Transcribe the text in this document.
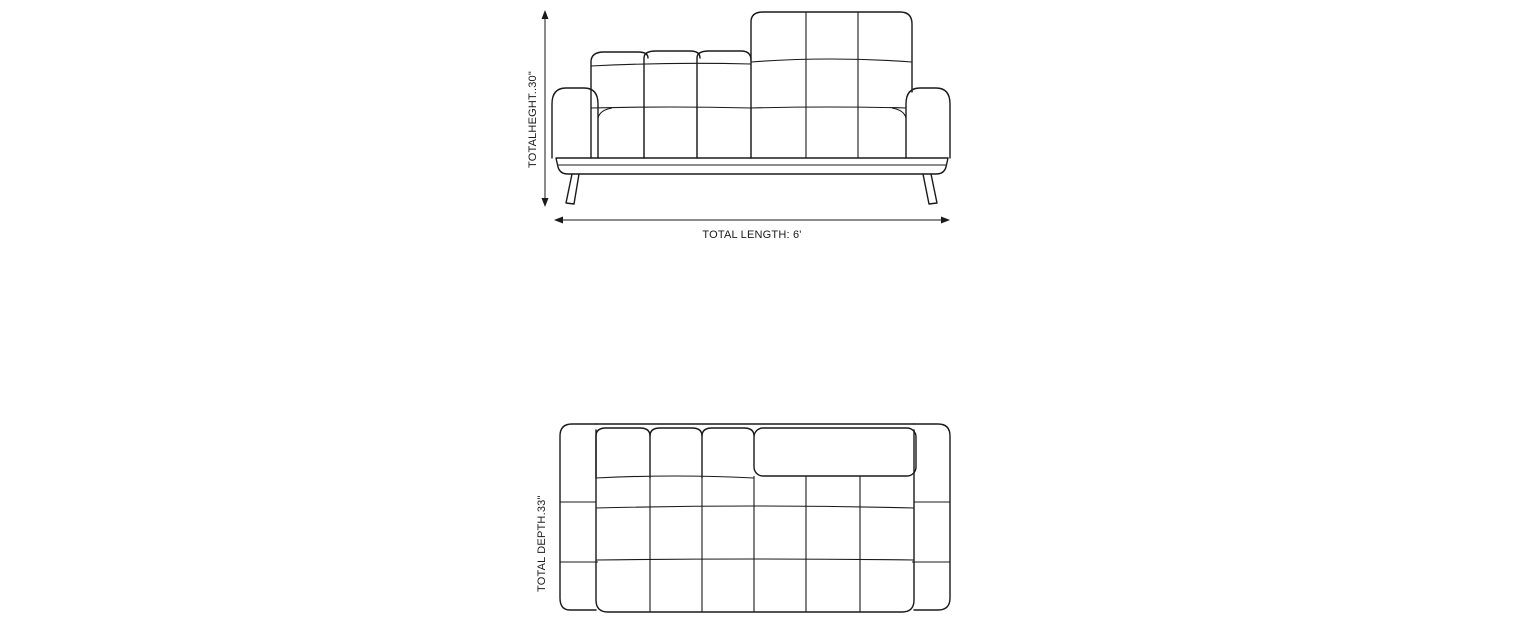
TOTALHEGHT..30"
TOTAL LENGTH: 6'
TOTAL DEPTH.33"
